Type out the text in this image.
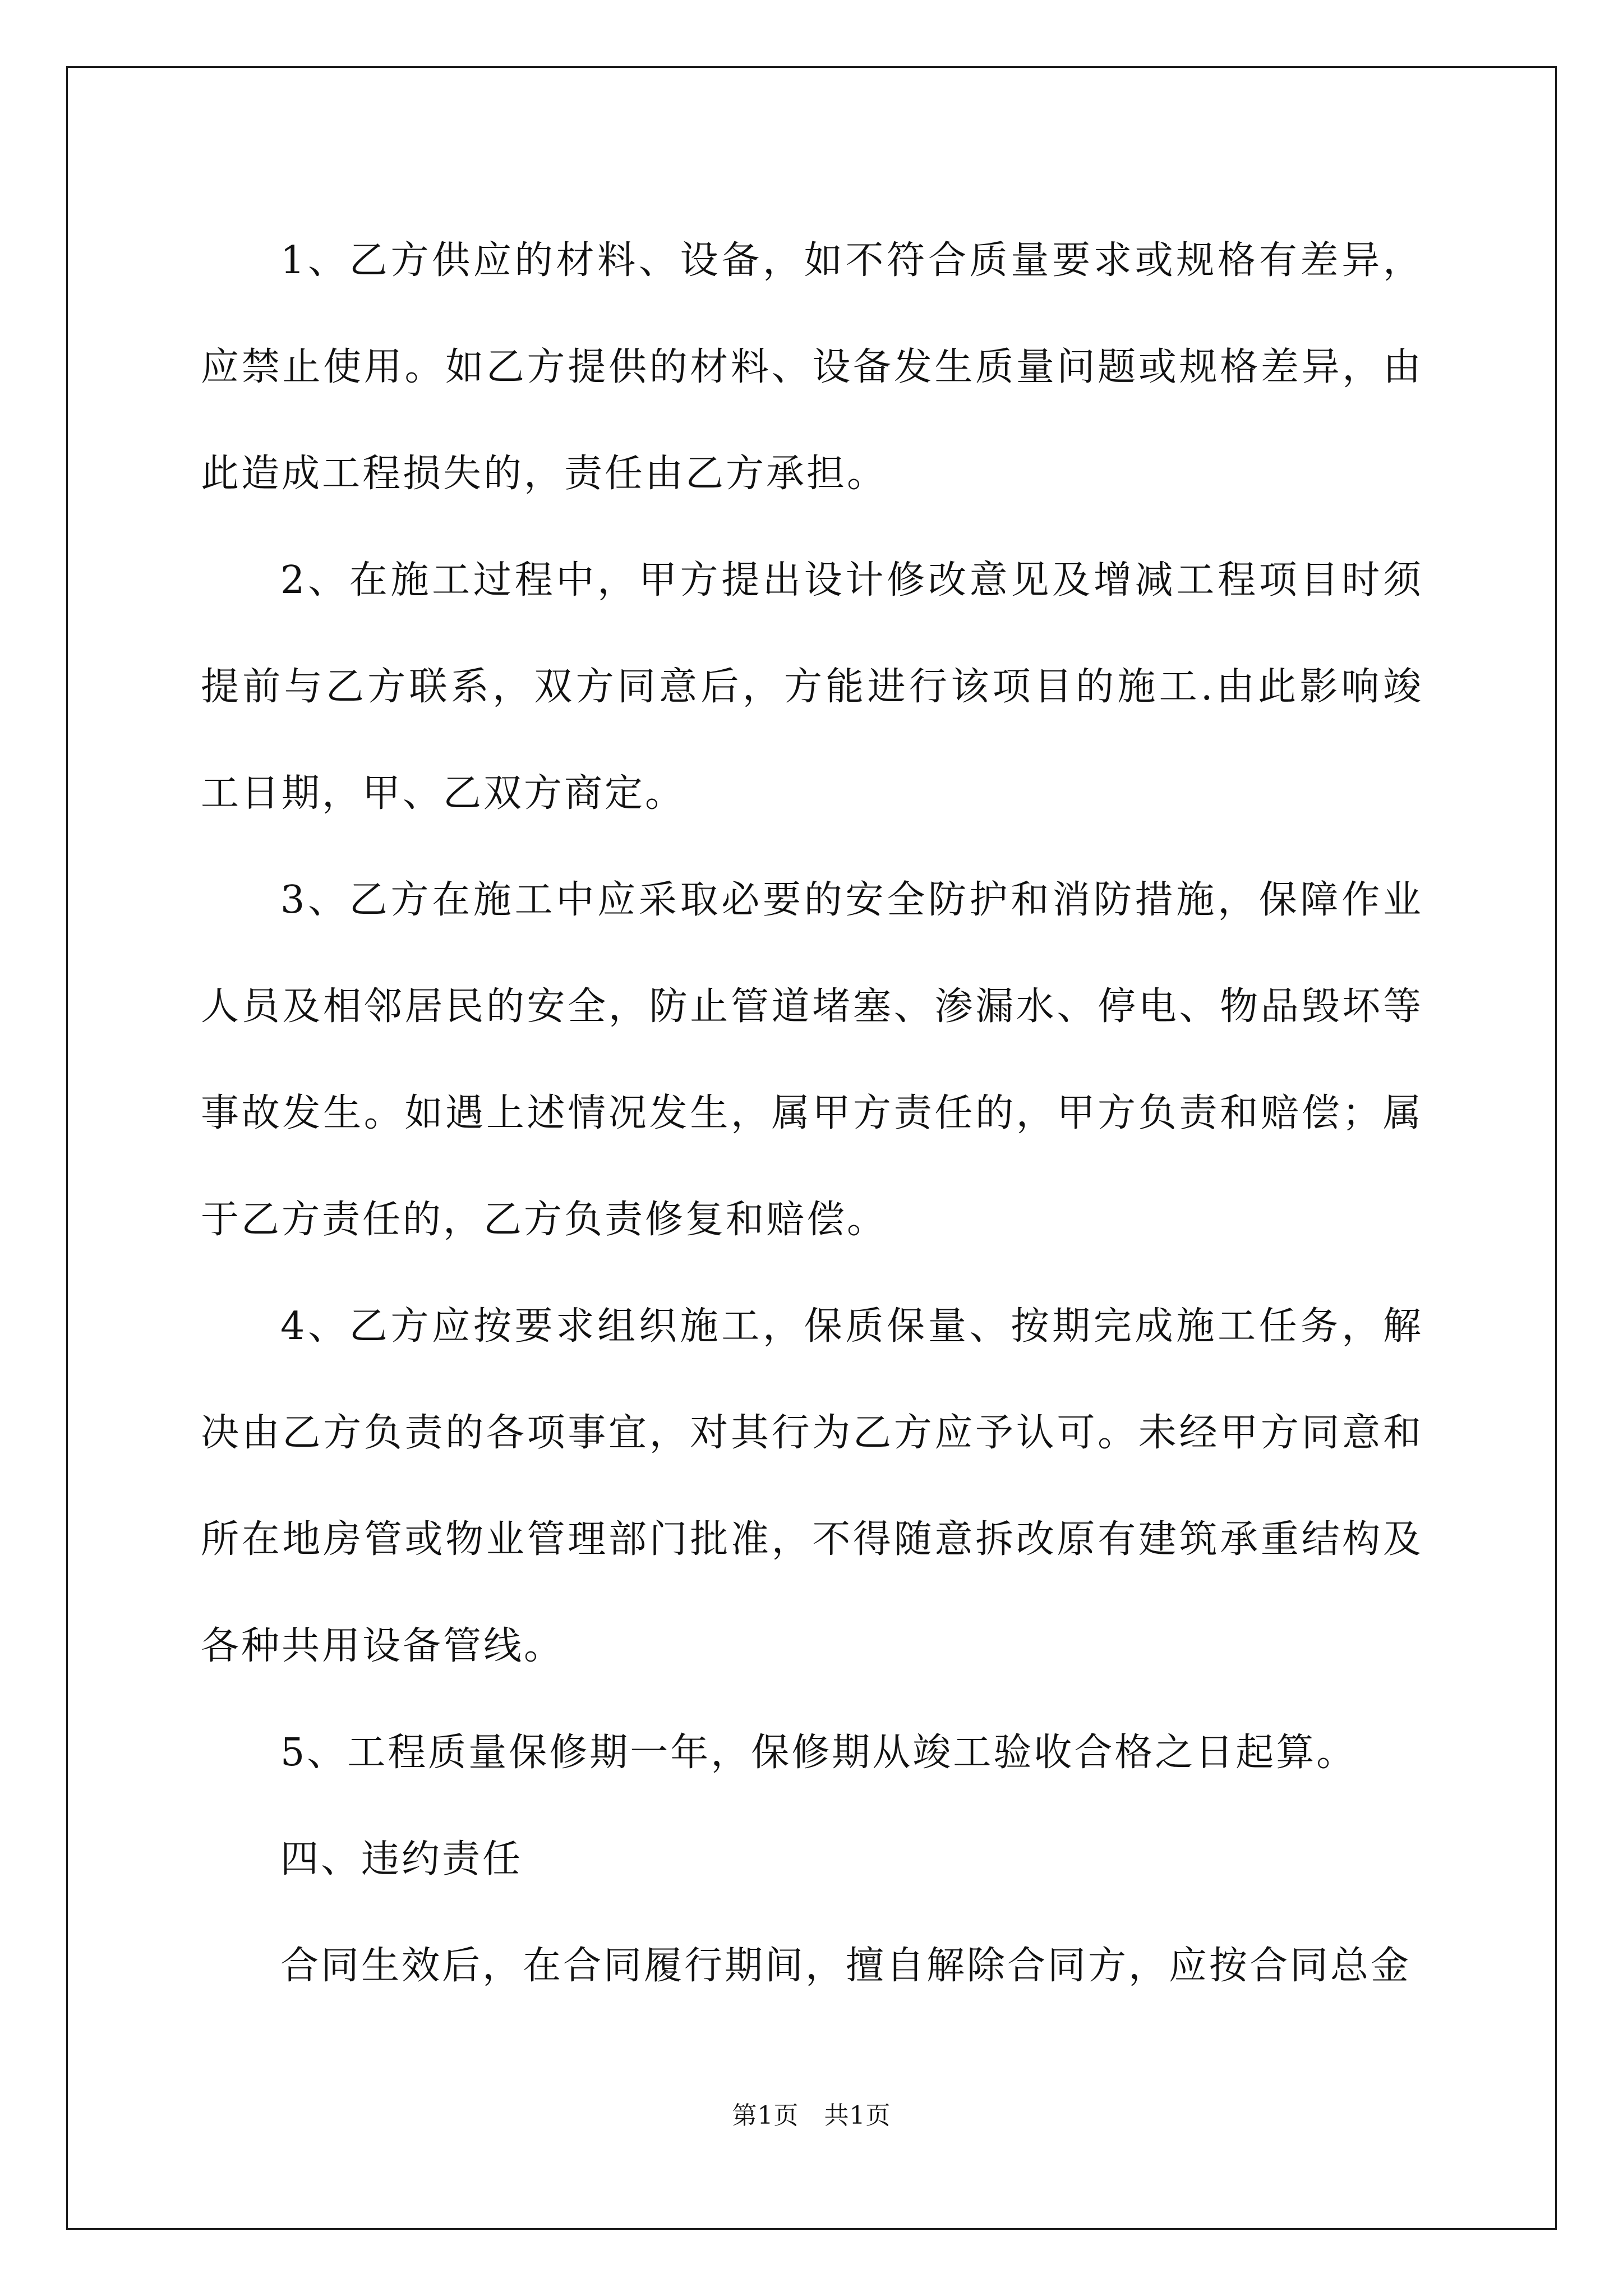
1、乙方供应的材料、设备，如不符合质量要求或规格有差异，应禁止使用。如乙方提供的材料、设备发生质量问题或规格差异，由此造成工程损失的，责任由乙方承担。

2、在施工过程中，甲方提出设计修改意见及增减工程项目时须提前与乙方联系，双方同意后，方能进行该项目的施工.由此影响竣工日期，甲、乙双方商定。

3、乙方在施工中应采取必要的安全防护和消防措施，保障作业人员及相邻居民的安全，防止管道堵塞、渗漏水、停电、物品毁坏等事故发生。如遇上述情况发生，属甲方责任的，甲方负责和赔偿；属于乙方责任的，乙方负责修复和赔偿。

4、乙方应按要求组织施工，保质保量、按期完成施工任务，解决由乙方负责的各项事宜，对其行为乙方应予认可。未经甲方同意和所在地房管或物业管理部门批准，不得随意拆改原有建筑承重结构及各种共用设备管线。

5、工程质量保修期一年，保修期从竣工验收合格之日起算。

四、违约责任

合同生效后，在合同履行期间，擅自解除合同方，应按合同总金

第1页 共1页
